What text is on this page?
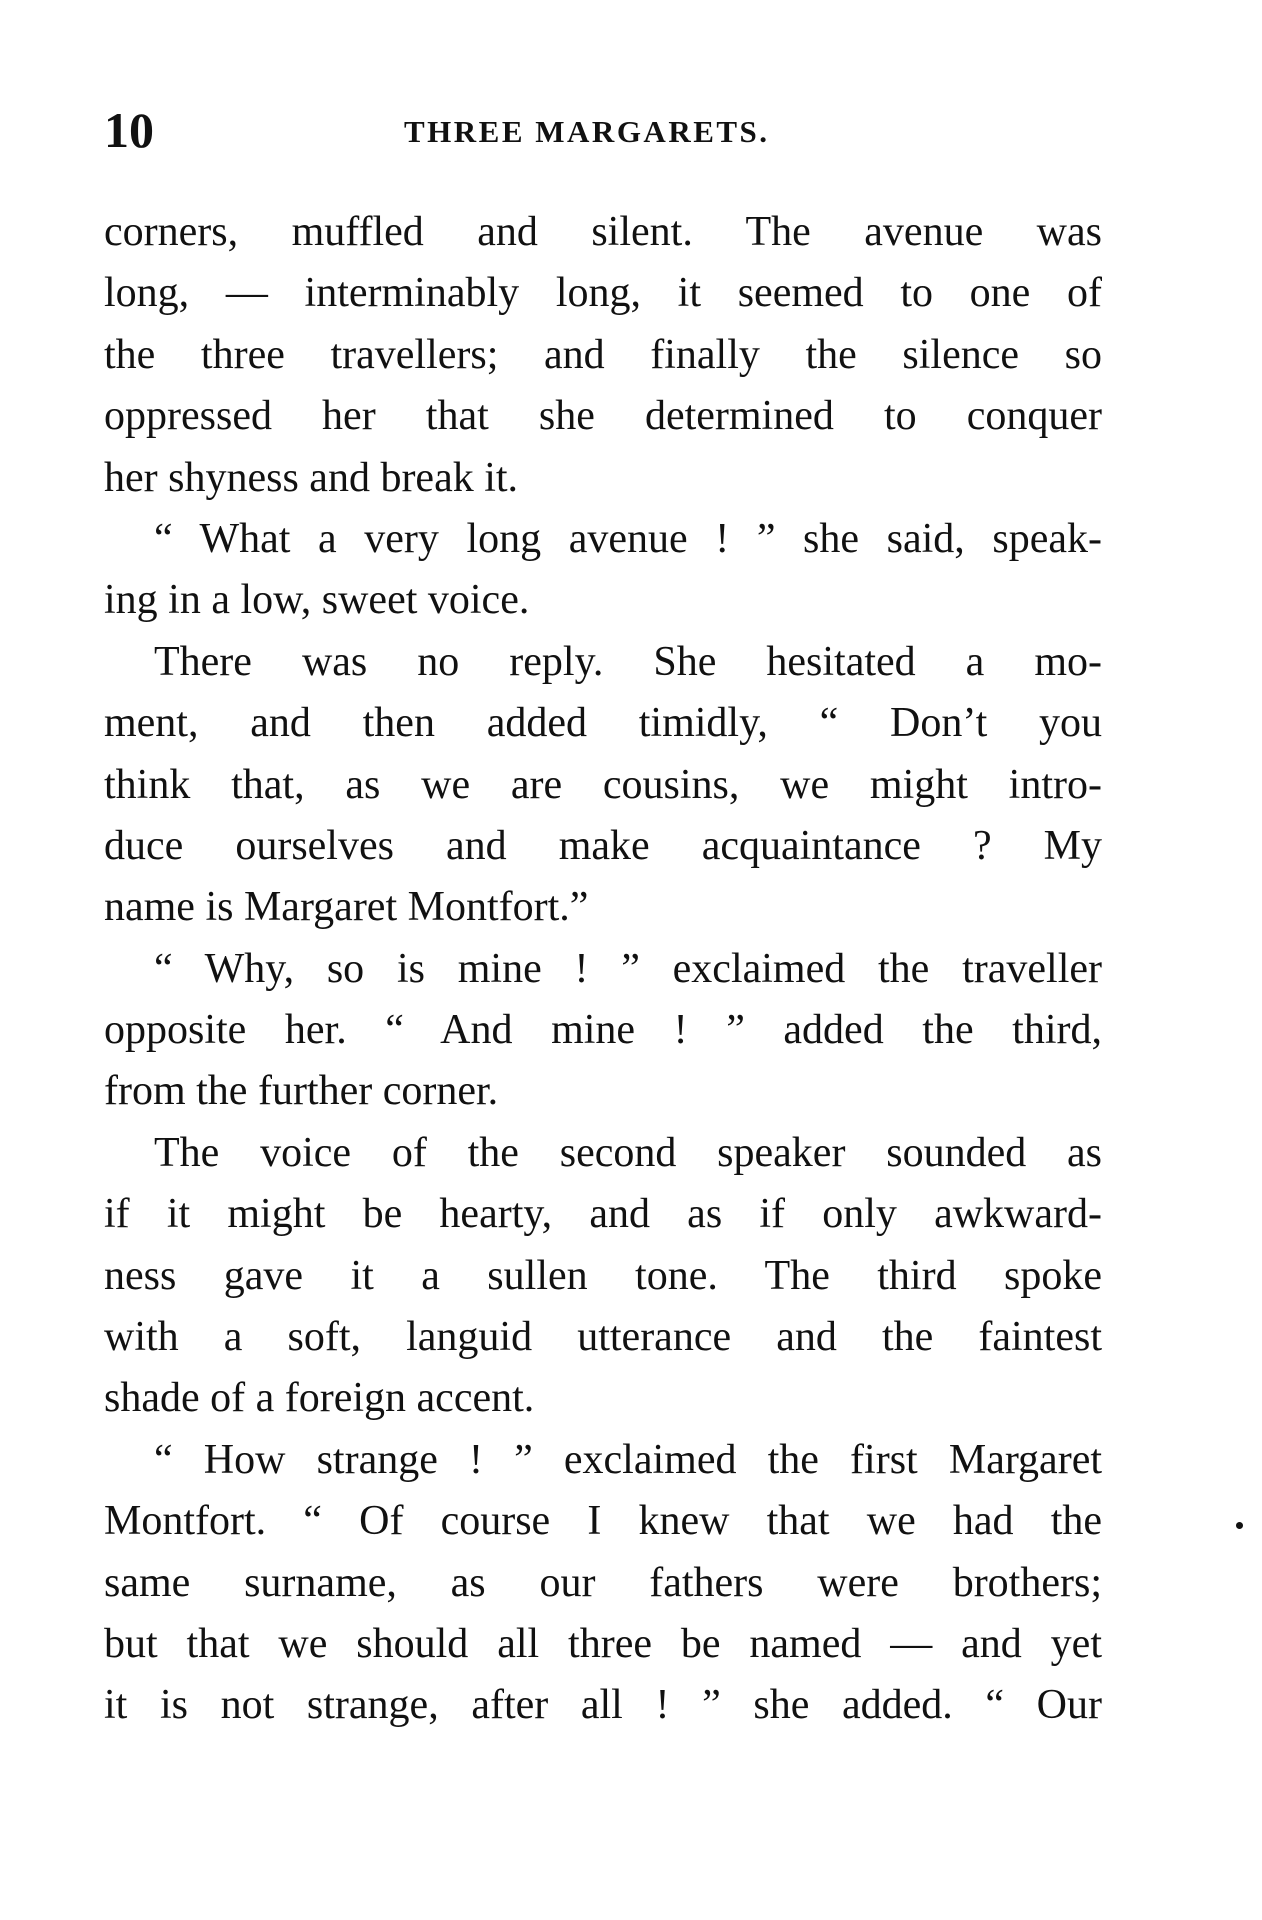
10	THREE MARGARETS.
corners, muffled and silent. The avenue was
long, — interminably long, it seemed to one of
the three travellers; and finally the silence so
oppressed her that she determined to conquer
her shyness and break it.
“ What a very long avenue ! ” she said, speak-
ing in a low, sweet voice.
There was no reply. She hesitated a mo-
ment, and then added timidly, “ Don’t you
think that, as we are cousins, we might intro-
duce ourselves and make acquaintance ? My
name is Margaret Montfort.”
“ Why, so is mine ! ” exclaimed the traveller
opposite her. “ And mine ! ” added the third,
from the further corner.
The voice of the second speaker sounded as
if it might be hearty, and as if only awkward-
ness gave it a sullen tone. The third spoke
with a soft, languid utterance and the faintest
shade of a foreign accent.
“ How strange ! ” exclaimed the first Margaret
Montfort. “ Of course I knew that we had the
same surname, as our fathers were brothers;
but that we should all three be named — and yet
it is not strange, after all ! ” she added. “ Our
